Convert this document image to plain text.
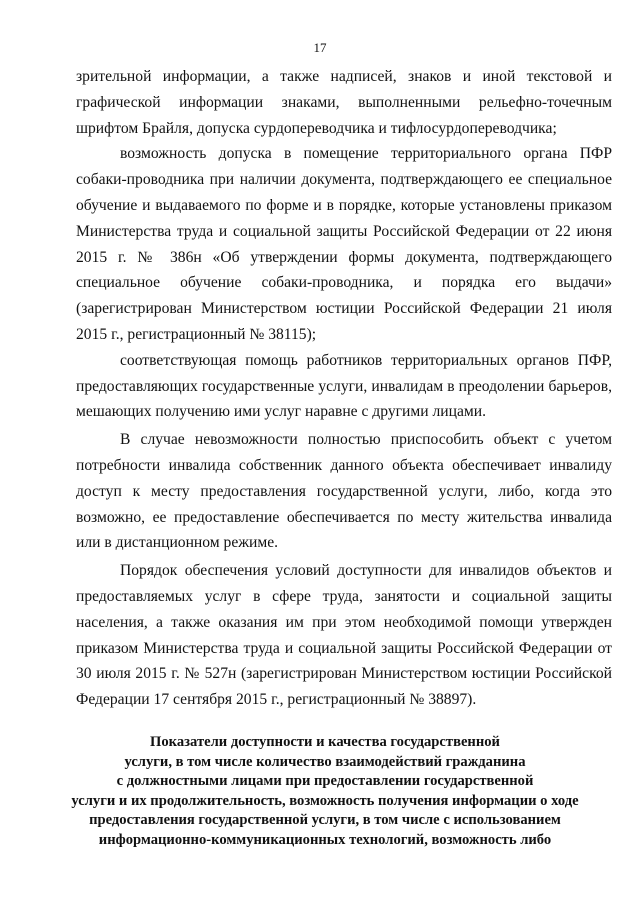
17

зрительной информации, а также надписей, знаков и иной текстовой и графической информации знаками, выполненными рельефно-точечным шрифтом Брайля, допуска сурдопереводчика и тифлосурдопереводчика;

возможность допуска в помещение территориального органа ПФР собаки-проводника при наличии документа, подтверждающего ее специальное обучение и выдаваемого по форме и в порядке, которые установлены приказом Министерства труда и социальной защиты Российской Федерации от 22 июня 2015 г. № 386н «Об утверждении формы документа, подтверждающего специальное обучение собаки-проводника, и порядка его выдачи» (зарегистрирован Министерством юстиции Российской Федерации 21 июля 2015 г., регистрационный № 38115);

соответствующая помощь работников территориальных органов ПФР, предоставляющих государственные услуги, инвалидам в преодолении барьеров, мешающих получению ими услуг наравне с другими лицами.

В случае невозможности полностью приспособить объект с учетом потребности инвалида собственник данного объекта обеспечивает инвалиду доступ к месту предоставления государственной услуги, либо, когда это возможно, ее предоставление обеспечивается по месту жительства инвалида или в дистанционном режиме.

Порядок обеспечения условий доступности для инвалидов объектов и предоставляемых услуг в сфере труда, занятости и социальной защиты населения, а также оказания им при этом необходимой помощи утвержден приказом Министерства труда и социальной защиты Российской Федерации от 30 июля 2015 г. № 527н (зарегистрирован Министерством юстиции Российской Федерации 17 сентября 2015 г., регистрационный № 38897).

Показатели доступности и качества государственной
услуги, в том числе количество взаимодействий гражданина
с должностными лицами при предоставлении государственной
услуги и их продолжительность, возможность получения информации о ходе
предоставления государственной услуги, в том числе с использованием
информационно-коммуникационных технологий, возможность либо
